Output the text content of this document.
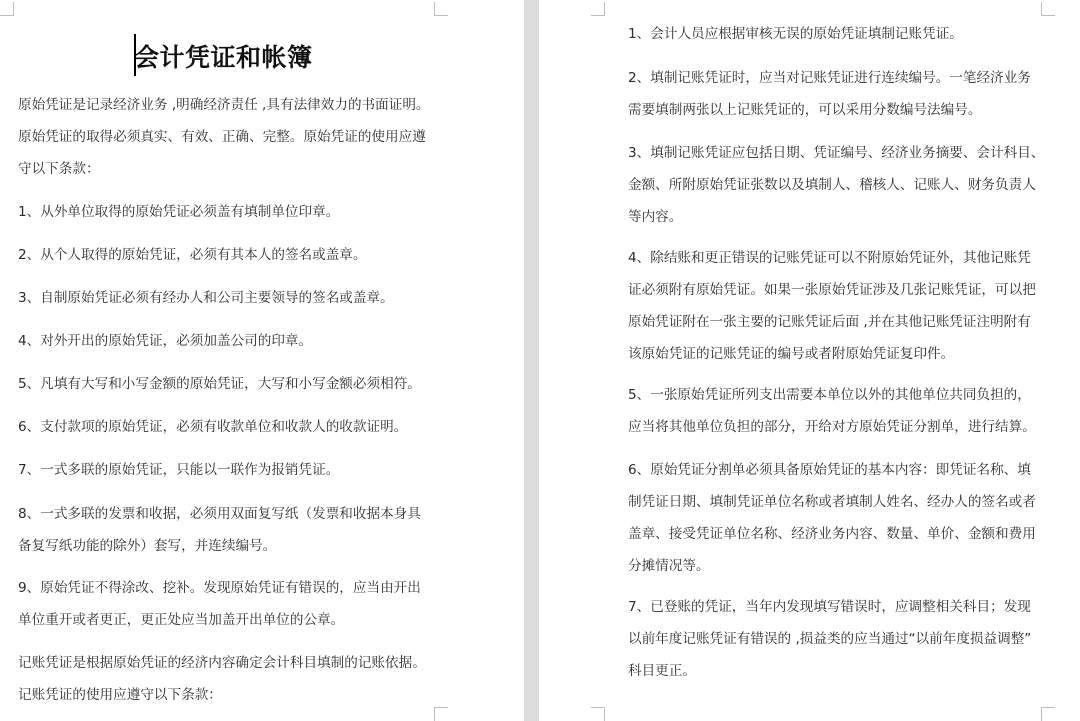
会计凭证和帐簿
原始凭证是记录经济业务 ,明确经济责任 ,具有法律效力的书面证明。
原始凭证的取得必须真实、有效、正确、完整。原始凭证的使用应遵
守以下条款：
1、从外单位取得的原始凭证必须盖有填制单位印章。
2、从个人取得的原始凭证，必须有其本人的签名或盖章。
3、自制原始凭证必须有经办人和公司主要领导的签名或盖章。
4、对外开出的原始凭证，必须加盖公司的印章。
5、凡填有大写和小写金额的原始凭证，大写和小写金额必须相符。
6、支付款项的原始凭证，必须有收款单位和收款人的收款证明。
7、一式多联的原始凭证，只能以一联作为报销凭证。
8、一式多联的发票和收据，必须用双面复写纸（发票和收据本身具
备复写纸功能的除外）套写，并连续编号。
9、原始凭证不得涂改、挖补。发现原始凭证有错误的，应当由开出
单位重开或者更正，更正处应当加盖开出单位的公章。
记账凭证是根据原始凭证的经济内容确定会计科目填制的记账依据。
记账凭证的使用应遵守以下条款：
1、会计人员应根据审核无误的原始凭证填制记账凭证。
2、填制记账凭证时，应当对记账凭证进行连续编号。一笔经济业务
需要填制两张以上记账凭证的，可以采用分数编号法编号。
3、填制记账凭证应包括日期、凭证编号、经济业务摘要、会计科目、
金额、所附原始凭证张数以及填制人、稽核人、记账人、财务负责人
等内容。
4、除结账和更正错误的记账凭证可以不附原始凭证外，其他记账凭
证必须附有原始凭证。如果一张原始凭证涉及几张记账凭证，可以把
原始凭证附在一张主要的记账凭证后面 ,并在其他记账凭证注明附有
该原始凭证的记账凭证的编号或者附原始凭证复印件。
5、一张原始凭证所列支出需要本单位以外的其他单位共同负担的，
应当将其他单位负担的部分，开给对方原始凭证分割单，进行结算。
6、原始凭证分割单必须具备原始凭证的基本内容：即凭证名称、填
制凭证日期、填制凭证单位名称或者填制人姓名、经办人的签名或者
盖章、接受凭证单位名称、经济业务内容、数量、单价、金额和费用
分摊情况等。
7、已登账的凭证，当年内发现填写错误时，应调整相关科目；发现
以前年度记账凭证有错误的 ,损益类的应当通过“以前年度损益调整”
科目更正。
